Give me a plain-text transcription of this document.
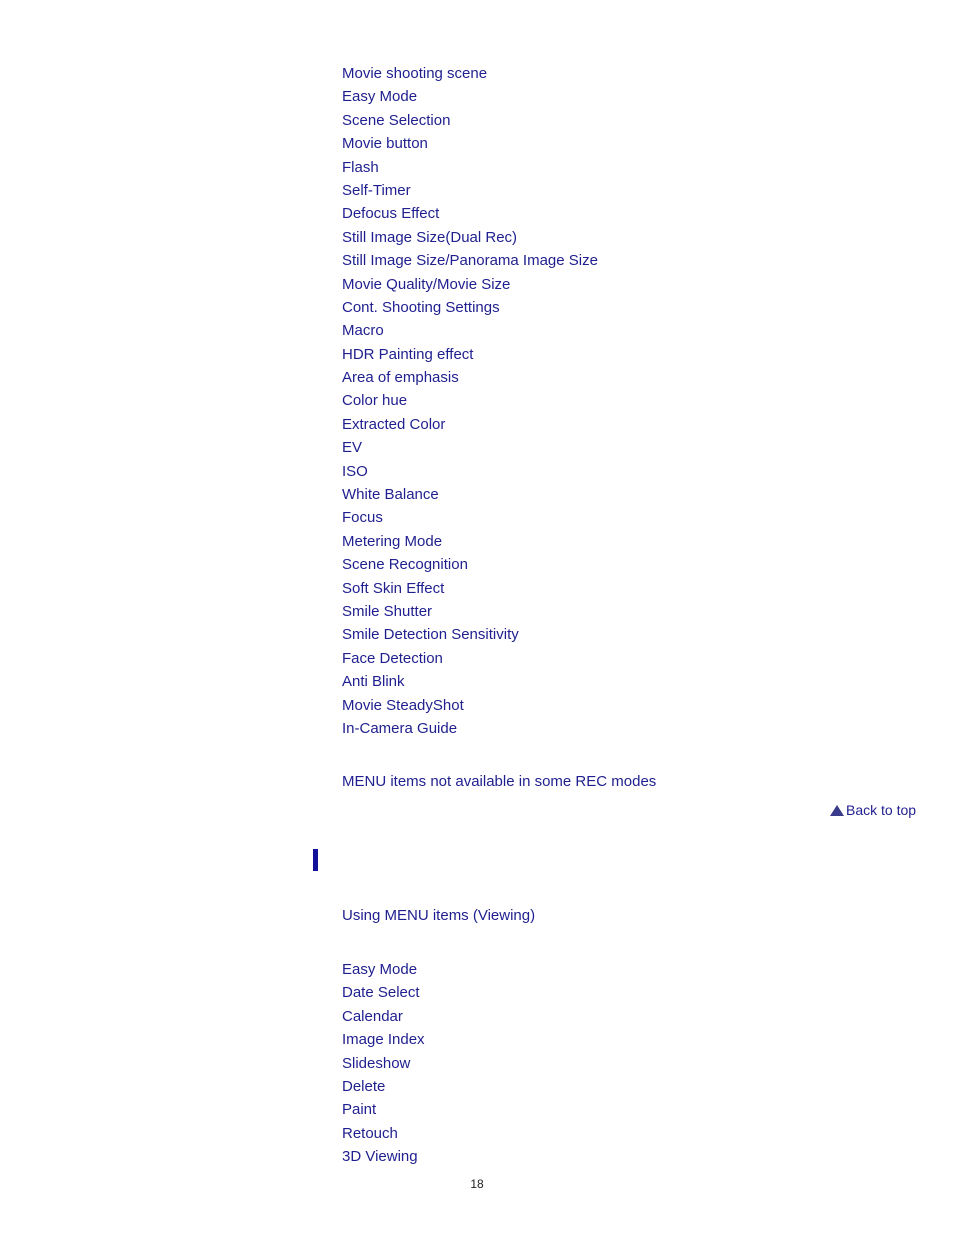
Movie shooting scene
Easy Mode
Scene Selection
Movie button
Flash
Self-Timer
Defocus Effect
Still Image Size(Dual Rec)
Still Image Size/Panorama Image Size
Movie Quality/Movie Size
Cont. Shooting Settings
Macro
HDR Painting effect
Area of emphasis
Color hue
Extracted Color
EV
ISO
White Balance
Focus
Metering Mode
Scene Recognition
Soft Skin Effect
Smile Shutter
Smile Detection Sensitivity
Face Detection
Anti Blink
Movie SteadyShot
In-Camera Guide
MENU items not available in some REC modes
Back to top
Using MENU items (Viewing)
Easy Mode
Date Select
Calendar
Image Index
Slideshow
Delete
Paint
Retouch
3D Viewing
18
